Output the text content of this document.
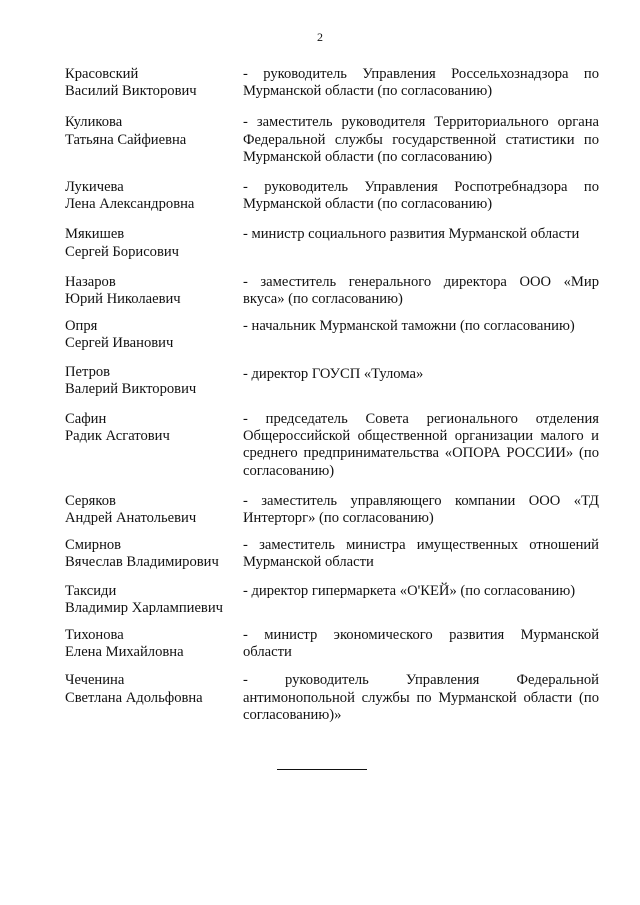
2
Красовский
Василий Викторович
- руководитель Управления Россельхознадзора по Мурманской области (по согласованию)
Куликова
Татьяна Сайфиевна
- заместитель руководителя Территориального органа Федеральной службы государственной статистики по Мурманской области (по согласованию)
Лукичева
Лена Александровна
- руководитель Управления Роспотребнадзора по Мурманской области (по согласованию)
Мякишев
Сергей Борисович
- министр социального развития Мурманской области
Назаров
Юрий Николаевич
- заместитель генерального директора ООО «Мир вкуса» (по согласованию)
Опря
Сергей Иванович
- начальник Мурманской таможни (по согласованию)
Петров
Валерий Викторович
- директор ГОУСП «Тулома»
Сафин
Радик Асгатович
- председатель Совета регионального отделения Общероссийской общественной организации малого и среднего предпринимательства «ОПОРА РОССИИ» (по согласованию)
Серяков
Андрей Анатольевич
- заместитель управляющего компании ООО «ТД Интерторг» (по согласованию)
Смирнов
Вячеслав Владимирович
- заместитель министра имущественных отношений Мурманской области
Таксиди
Владимир Харлампиевич
- директор гипермаркета «О'КЕЙ» (по согласованию)
Тихонова
Елена Михайловна
- министр экономического развития Мурманской области
Чеченина
Светлана Адольфовна
- руководитель Управления Федеральной антимонопольной службы по Мурманской области (по согласованию)»
